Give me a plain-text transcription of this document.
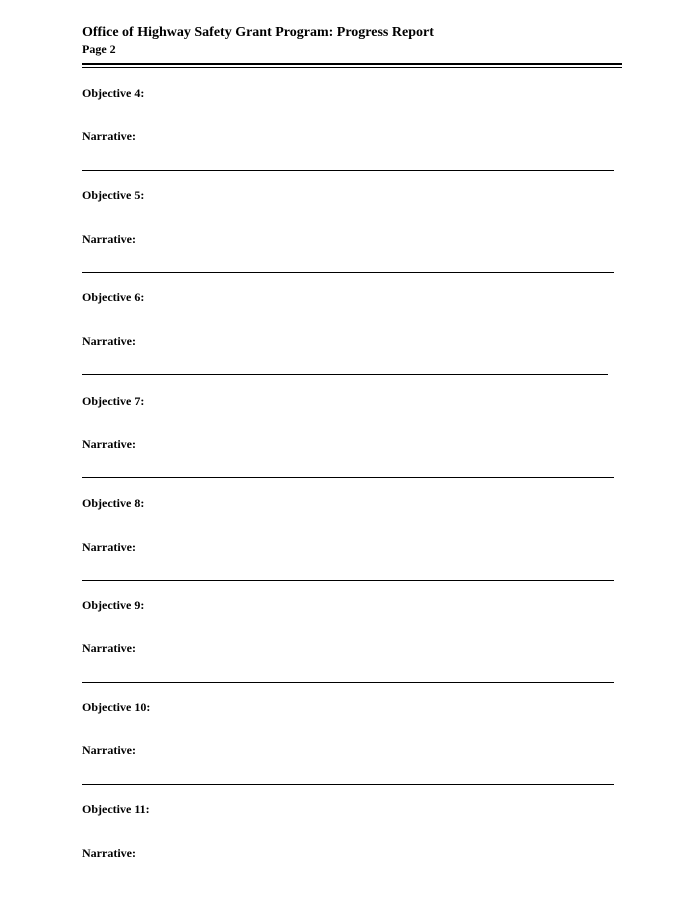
Office of Highway Safety Grant Program: Progress Report
Page 2
Objective 4:
Narrative:
Objective 5:
Narrative:
Objective 6:
Narrative:
Objective 7:
Narrative:
Objective 8:
Narrative:
Objective 9:
Narrative:
Objective 10:
Narrative:
Objective 11:
Narrative:
